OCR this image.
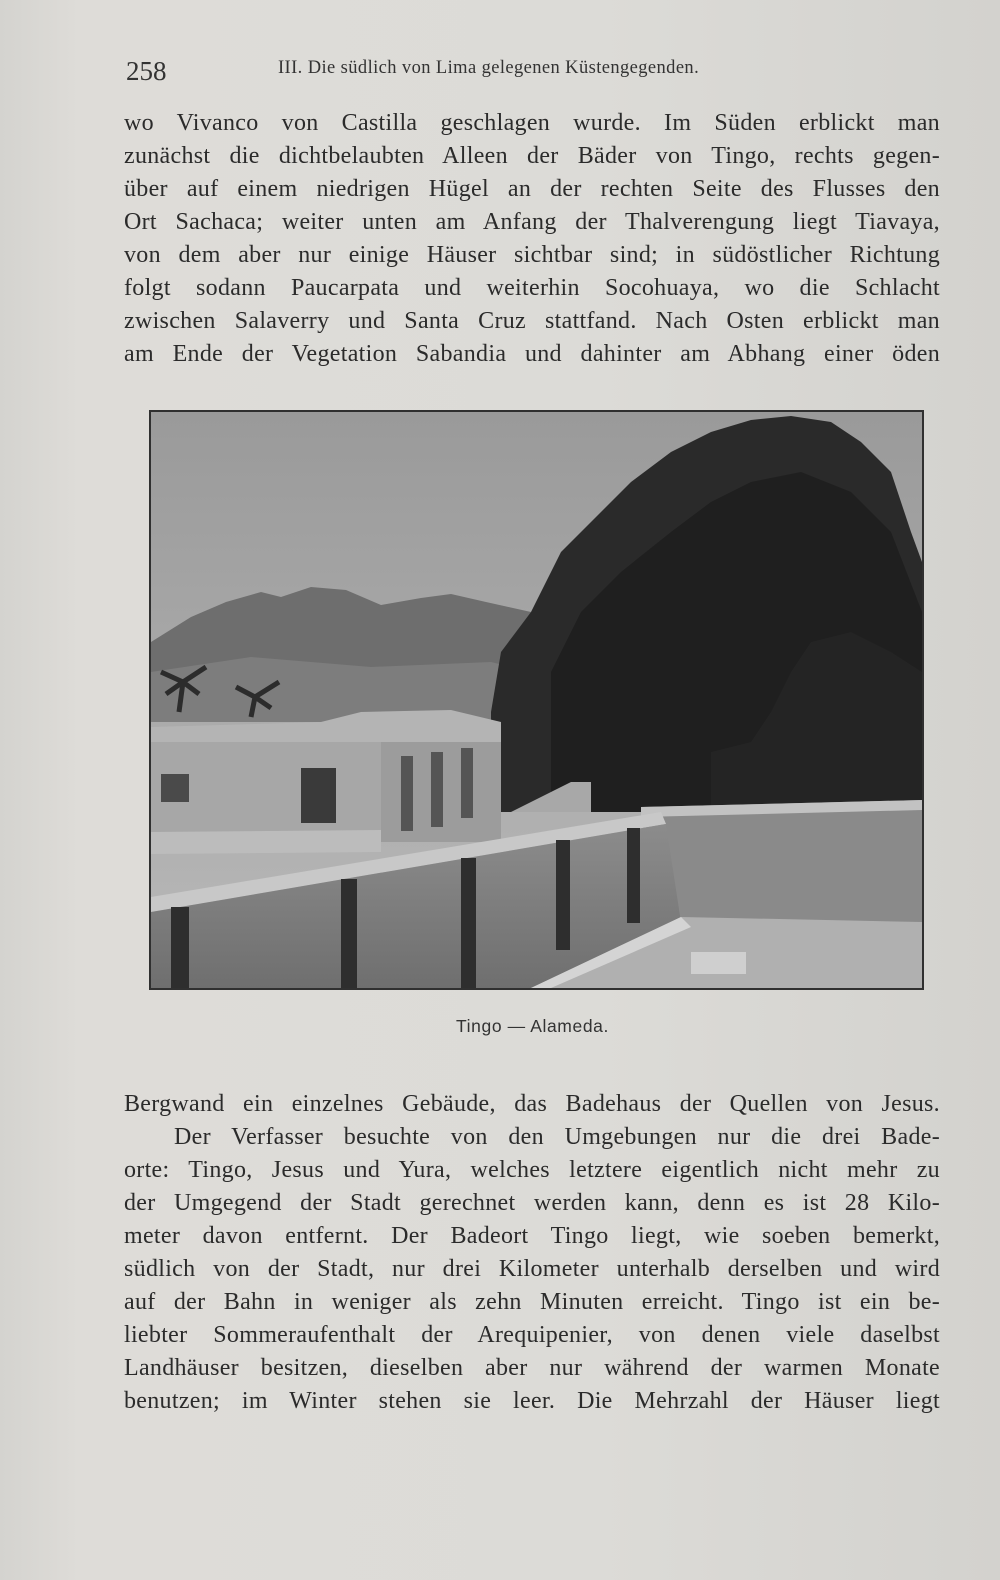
258	III. Die südlich von Lima gelegenen Küstengegenden.
wo Vivanco von Castilla geschlagen wurde. Im Süden erblickt man
zunächst die dichtbelaubten Alleen der Bäder von Tingo, rechts gegen-
über auf einem niedrigen Hügel an der rechten Seite des Flusses den
Ort Sachaca; weiter unten am Anfang der Thalverengung liegt Tiavaya,
von dem aber nur einige Häuser sichtbar sind; in südöstlicher Richtung
folgt sodann Paucarpata und weiterhin Socohuaya, wo die Schlacht
zwischen Salaverry und Santa Cruz stattfand. Nach Osten erblickt man
am Ende der Vegetation Sabandia und dahinter am Abhang einer öden
Tingo — Alameda.
Bergwand ein einzelnes Gebäude, das Badehaus der Quellen von Jesus.
Der Verfasser besuchte von den Umgebungen nur die drei Bade-
orte: Tingo, Jesus und Yura, welches letztere eigentlich nicht mehr zu
der Umgegend der Stadt gerechnet werden kann, denn es ist 28 Kilo-
meter davon entfernt. Der Badeort Tingo liegt, wie soeben bemerkt,
südlich von der Stadt, nur drei Kilometer unterhalb derselben und wird
auf der Bahn in weniger als zehn Minuten erreicht. Tingo ist ein be-
liebter Sommeraufenthalt der Arequipenier, von denen viele daselbst
Landhäuser besitzen, dieselben aber nur während der warmen Monate
benutzen; im Winter stehen sie leer. Die Mehrzahl der Häuser liegt
